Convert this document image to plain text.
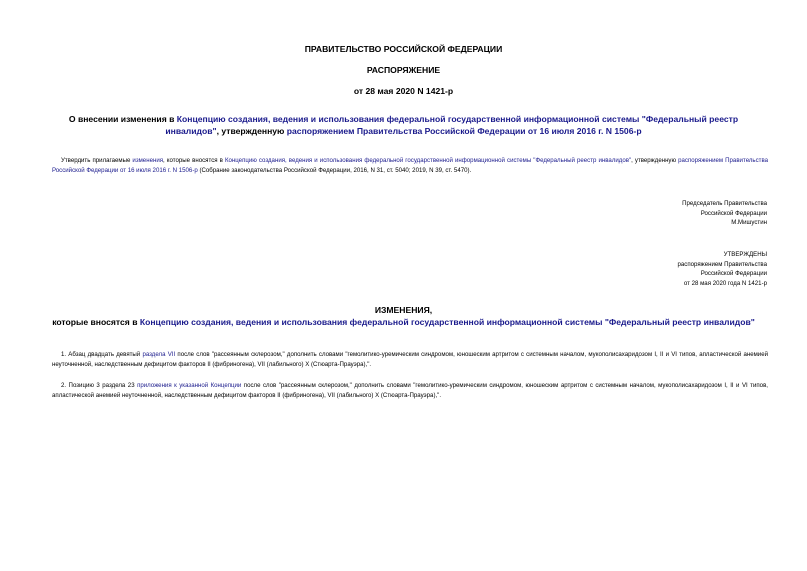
ПРАВИТЕЛЬСТВО РОССИЙСКОЙ ФЕДЕРАЦИИ
РАСПОРЯЖЕНИЕ
от 28 мая 2020 N 1421-р
О внесении изменения в Концепцию создания, ведения и использования федеральной государственной информационной системы "Федеральный реестр инвалидов", утвержденную распоряжением Правительства Российской Федерации от 16 июля 2016 г. N 1506-р

Утвердить прилагаемые изменения, которые вносятся в Концепцию создания, ведения и использования федеральной государственной информационной системы "Федеральный реестр инвалидов", утвержденную распоряжением Правительства Российской Федерации от 16 июля 2016 г. N 1506-р (Собрание законодательства Российской Федерации, 2016, N 31, ст. 5040; 2019, N 39, ст. 5470).

Председатель Правительства
Российской Федерации
М.Мишустин
УТВЕРЖДЕНЫ
распоряжением Правительства
Российской Федерации
от 28 мая 2020 года N 1421-р
ИЗМЕНЕНИЯ,
которые вносятся в Концепцию создания, ведения и использования федеральной государственной информационной системы "Федеральный реестр инвалидов"

1. Абзац двадцать девятый раздела VII после слов "рассеянным склерозом," дополнить словами "гемолитико-уремическим синдромом, юношеским артритом с системным началом, мукополисахаридозом I, II и VI типов, апластической анемией неуточненной, наследственным дефицитом факторов II (фибриногена), VII (лабильного) X (Стюарта-Прауэра),".

2. Позицию 3 раздела 23 приложения к указанной Концепции после слов "рассеянным склерозом," дополнить словами "гемолитико-уремическим синдромом, юношеским артритом с системным началом, мукополисахаридозом I, II и VI типов, апластической анемией неуточненной, наследственным дефицитом факторов II (фибриногена), VII (лабильного) X (Стюарта-Прауэра),".
